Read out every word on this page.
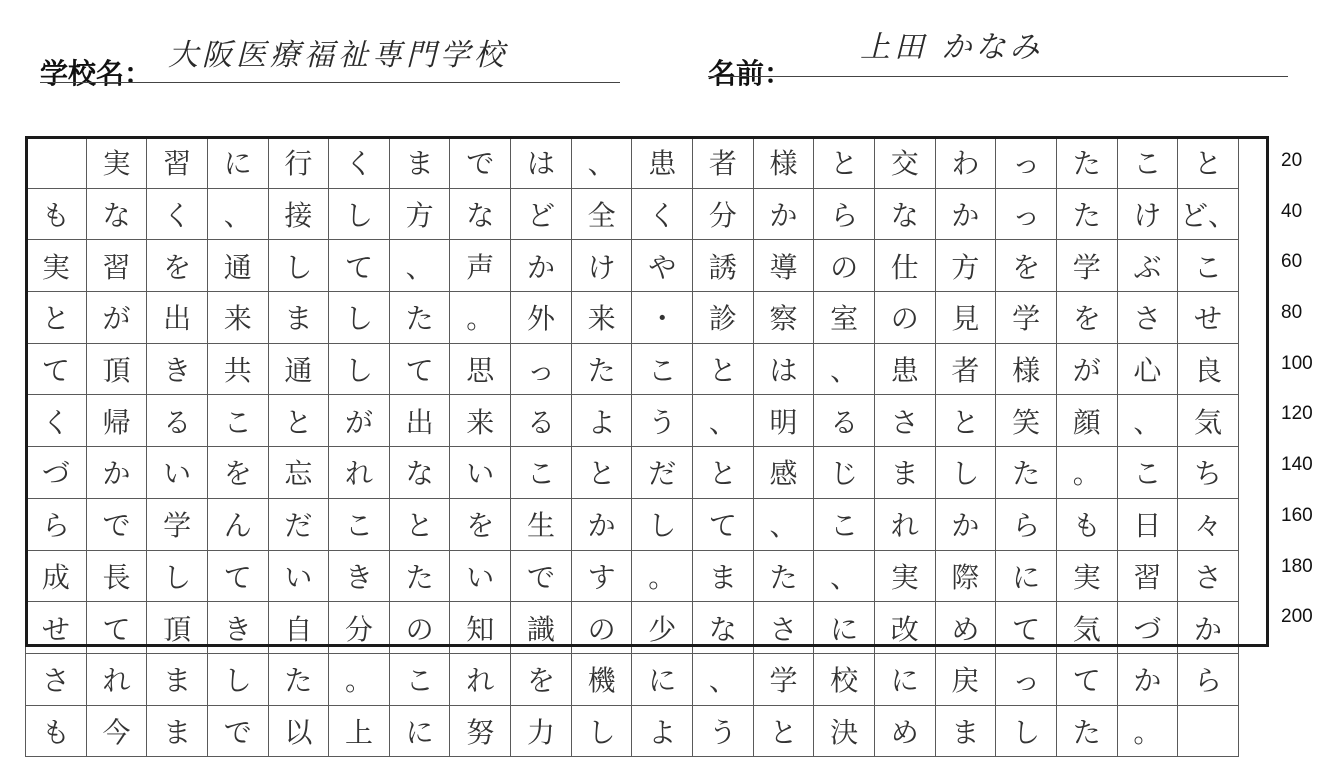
学校名：
大阪医療福祉専門学校
名前：
上田 かなみ
	実	習	に	行	く	ま	で	は	、	患	者	様	と	交	わ	っ	た	こ	と
も	な	く	、	接	し	方	な	ど	全	く	分	か	ら	な	か	っ	た	け	ど、
実	習	を	通	し	て	、	声	か	け	や	誘	導	の	仕	方	を	学	ぶ	こ
と	が	出	来	ま	し	た	。	外	来	・	診	察	室	の	見	学	を	さ	せ
て	頂	き	共	通	し	て	思	っ	た	こ	と	は	、	患	者	様	が	心	良
く	帰	る	こ	と	が	出	来	る	よ	う	、	明	る	さ	と	笑	顔	、	気
づ	か	い	を	忘	れ	な	い	こ	と	だ	と	感	じ	ま	し	た	。	こ	ち
ら	で	学	ん	だ	こ	と	を	生	か	し	て	、	こ	れ	か	ら	も	日	々
成	長	し	て	い	き	た	い	で	す	。	ま	た	、	実	際	に	実	習	さ
せ	て	頂	き	自	分	の	知	識	の	少	な	さ	に	改	め	て	気	づ	か
さ	れ	ま	し	た	。	こ	れ	を	機	に	、	学	校	に	戻	っ	て	か	ら
も	今	ま	で	以	上	に	努	力	し	よ	う	と	決	め	ま	し	た	。	
20
40
60
80
100
120
140
160
180
200
